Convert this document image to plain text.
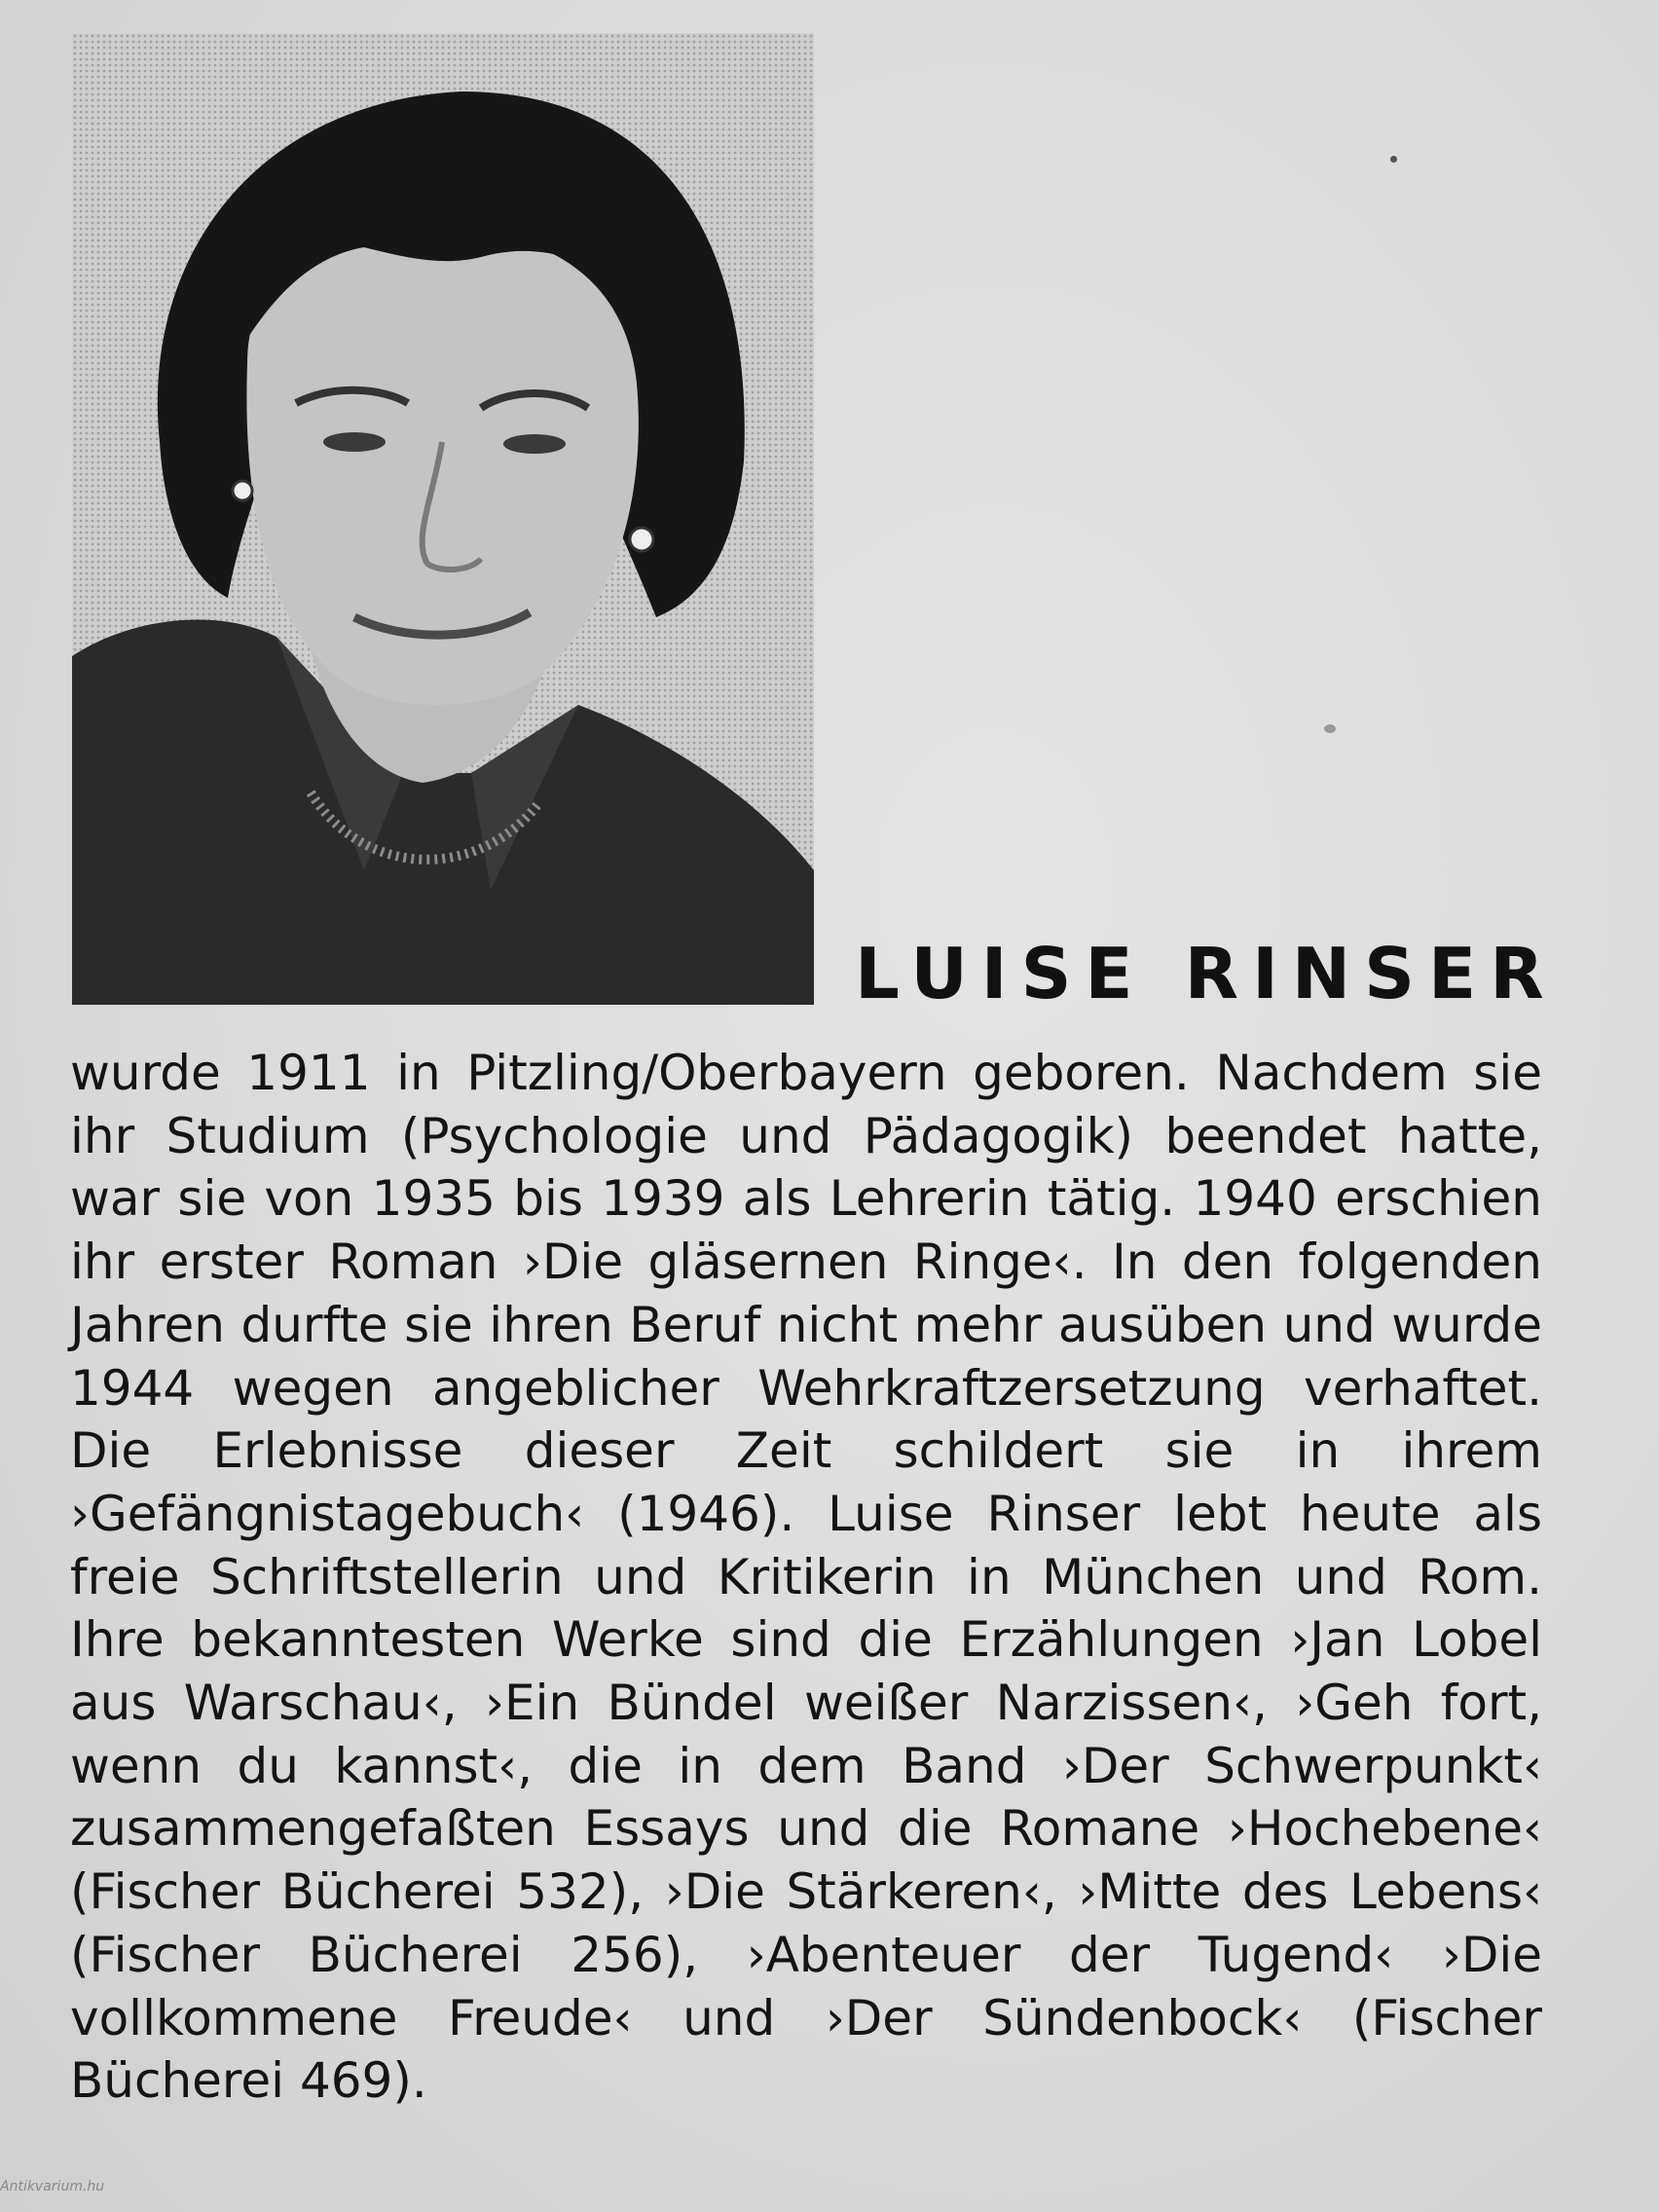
LUISE RINSER

wurde 1911 in Pitzling/Oberbayern geboren. Nachdem sie ihr Studium (Psychologie und Pädagogik) beendet hatte, war sie von 1935 bis 1939 als Lehrerin tätig. 1940 erschien ihr erster Roman ›Die gläsernen Ringe‹. In den folgenden Jahren durfte sie ihren Beruf nicht mehr ausüben und wurde 1944 wegen angeblicher Wehrkraftzersetzung verhaftet. Die Erlebnisse dieser Zeit schildert sie in ihrem ›Gefängnistagebuch‹ (1946). Luise Rinser lebt heute als freie Schriftstellerin und Kritikerin in München und Rom. Ihre bekanntesten Werke sind die Erzählungen ›Jan Lobel aus Warschau‹, ›Ein Bündel weißer Narzissen‹, ›Geh fort, wenn du kannst‹, die in dem Band ›Der Schwerpunkt‹ zusammengefaßten Essays und die Romane ›Hochebene‹ (Fischer Bücherei 532), ›Die Stärkeren‹, ›Mitte des Lebens‹ (Fischer Bücherei 256), ›Abenteuer der Tugend‹ ›Die vollkommene Freude‹ und ›Der Sündenbock‹ (Fischer Bücherei 469).

Antikvarium.hu
